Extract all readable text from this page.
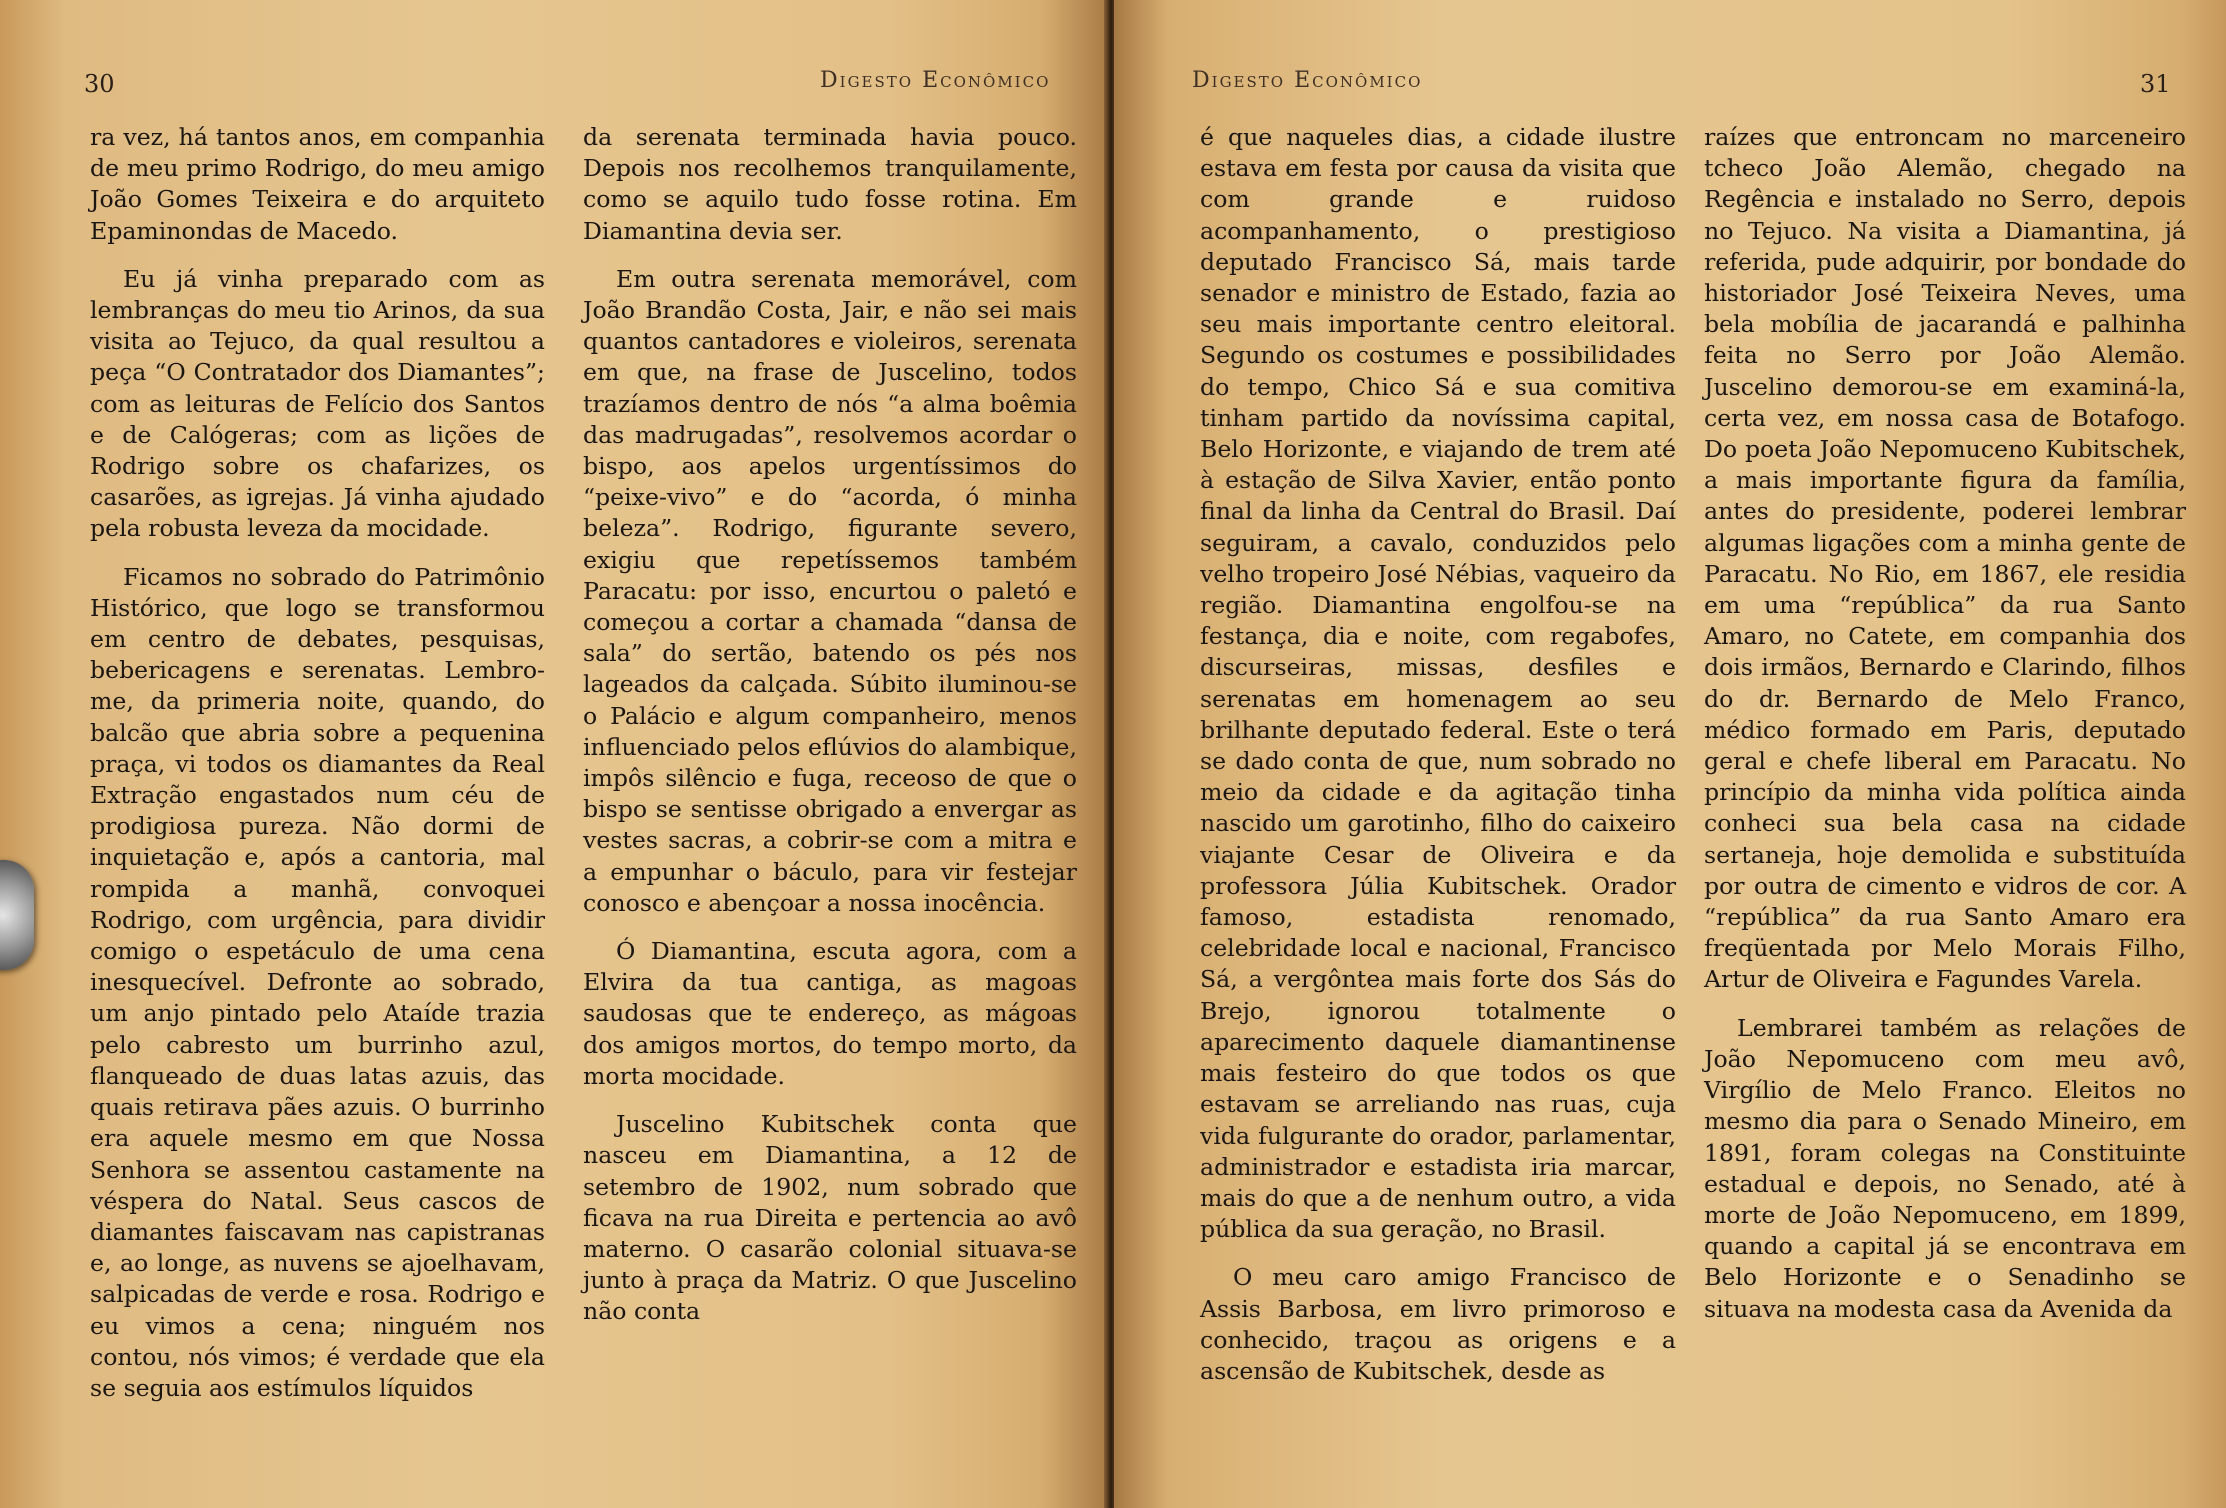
30	Digesto Econômico

ra vez, há tantos anos, em companhia de meu primo Rodrigo, do meu amigo João Gomes Teixeira e do arquiteto Epaminondas de Macedo.

Eu já vinha preparado com as lembranças do meu tio Arinos, da sua visita ao Tejuco, da qual resultou a peça “O Contratador dos Diamantes”; com as leituras de Felício dos Santos e de Calógeras; com as lições de Rodrigo sobre os chafarizes, os casarões, as igrejas. Já vinha ajudado pela robusta leveza da mocidade.

Ficamos no sobrado do Patrimônio Histórico, que logo se transformou em centro de debates, pesquisas, bebericagens e serenatas. Lembro-me, da primeria noite, quando, do balcão que abria sobre a pequenina praça, vi todos os diamantes da Real Extração engastados num céu de prodigiosa pureza. Não dormi de inquietação e, após a cantoria, mal rompida a manhã, convoquei Rodrigo, com urgência, para dividir comigo o espetáculo de uma cena inesquecível. Defronte ao sobrado, um anjo pintado pelo Ataíde trazia pelo cabresto um burrinho azul, flanqueado de duas latas azuis, das quais retirava pães azuis. O burrinho era aquele mesmo em que Nossa Senhora se assentou castamente na véspera do Natal. Seus cascos de diamantes faiscavam nas capistranas e, ao longe, as nuvens se ajoelhavam, salpicadas de verde e rosa. Rodrigo e eu vimos a cena; ninguém nos contou, nós vimos; é verdade que ela se seguia aos estímulos líquidos

da serenata terminada havia pouco. Depois nos recolhemos tranquilamente, como se aquilo tudo fosse rotina. Em Diamantina devia ser.

Em outra serenata memorável, com João Brandão Costa, Jair, e não sei mais quantos cantadores e violeiros, serenata em que, na frase de Juscelino, todos trazíamos dentro de nós “a alma boêmia das madrugadas”, resolvemos acordar o bispo, aos apelos urgentíssimos do “peixe-vivo” e do “acorda, ó minha beleza”. Rodrigo, figurante severo, exigiu que repetíssemos também Paracatu: por isso, encurtou o paletó e começou a cortar a chamada “dansa de sala” do sertão, batendo os pés nos lageados da calçada. Súbito iluminou-se o Palácio e algum companheiro, menos influenciado pelos eflúvios do alambique, impôs silêncio e fuga, receoso de que o bispo se sentisse obrigado a envergar as vestes sacras, a cobrir-se com a mitra e a empunhar o báculo, para vir festejar conosco e abençoar a nossa inocência.

Ó Diamantina, escuta agora, com a Elvira da tua cantiga, as magoas saudosas que te endereço, as mágoas dos amigos mortos, do tempo morto, da morta mocidade.

Juscelino Kubitschek conta que nasceu em Diamantina, a 12 de setembro de 1902, num sobrado que ficava na rua Direita e pertencia ao avô materno. O casarão colonial situava-se junto à praça da Matriz. O que Juscelino não conta

Digesto Econômico	31

é que naqueles dias, a cidade ilustre estava em festa por causa da visita que com grande e ruidoso acompanhamento, o prestigioso deputado Francisco Sá, mais tarde senador e ministro de Estado, fazia ao seu mais importante centro eleitoral. Segundo os costumes e possibilidades do tempo, Chico Sá e sua comitiva tinham partido da novíssima capital, Belo Horizonte, e viajando de trem até à estação de Silva Xavier, então ponto final da linha da Central do Brasil. Daí seguiram, a cavalo, conduzidos pelo velho tropeiro José Nébias, vaqueiro da região. Diamantina engolfou-se na festança, dia e noite, com regabofes, discurseiras, missas, desfiles e serenatas em homenagem ao seu brilhante deputado federal. Este o terá se dado conta de que, num sobrado no meio da cidade e da agitação tinha nascido um garotinho, filho do caixeiro viajante Cesar de Oliveira e da professora Júlia Kubitschek. Orador famoso, estadista renomado, celebridade local e nacional, Francisco Sá, a vergôntea mais forte dos Sás do Brejo, ignorou totalmente o aparecimento daquele diamantinense mais festeiro do que todos os que estavam se arreliando nas ruas, cuja vida fulgurante do orador, parlamentar, administrador e estadista iria marcar, mais do que a de nenhum outro, a vida pública da sua geração, no Brasil.

O meu caro amigo Francisco de Assis Barbosa, em livro primoroso e conhecido, traçou as origens e a ascensão de Kubitschek, desde as

raízes que entroncam no marceneiro tcheco João Alemão, chegado na Regência e instalado no Serro, depois no Tejuco. Na visita a Diamantina, já referida, pude adquirir, por bondade do historiador José Teixeira Neves, uma bela mobília de jacarandá e palhinha feita no Serro por João Alemão. Juscelino demorou-se em examiná-la, certa vez, em nossa casa de Botafogo. Do poeta João Nepomuceno Kubitschek, a mais importante figura da família, antes do presidente, poderei lembrar algumas ligações com a minha gente de Paracatu. No Rio, em 1867, ele residia em uma “república” da rua Santo Amaro, no Catete, em companhia dos dois irmãos, Bernardo e Clarindo, filhos do dr. Bernardo de Melo Franco, médico formado em Paris, deputado geral e chefe liberal em Paracatu. No princípio da minha vida política ainda conheci sua bela casa na cidade sertaneja, hoje demolida e substituída por outra de cimento e vidros de cor. A “república” da rua Santo Amaro era freqüentada por Melo Morais Filho, Artur de Oliveira e Fagundes Varela.

Lembrarei também as relações de João Nepomuceno com meu avô, Virgílio de Melo Franco. Eleitos no mesmo dia para o Senado Mineiro, em 1891, foram colegas na Constituinte estadual e depois, no Senado, até à morte de João Nepomuceno, em 1899, quando a capital já se encontrava em Belo Horizonte e o Senadinho se situava na modesta casa da Avenida da
